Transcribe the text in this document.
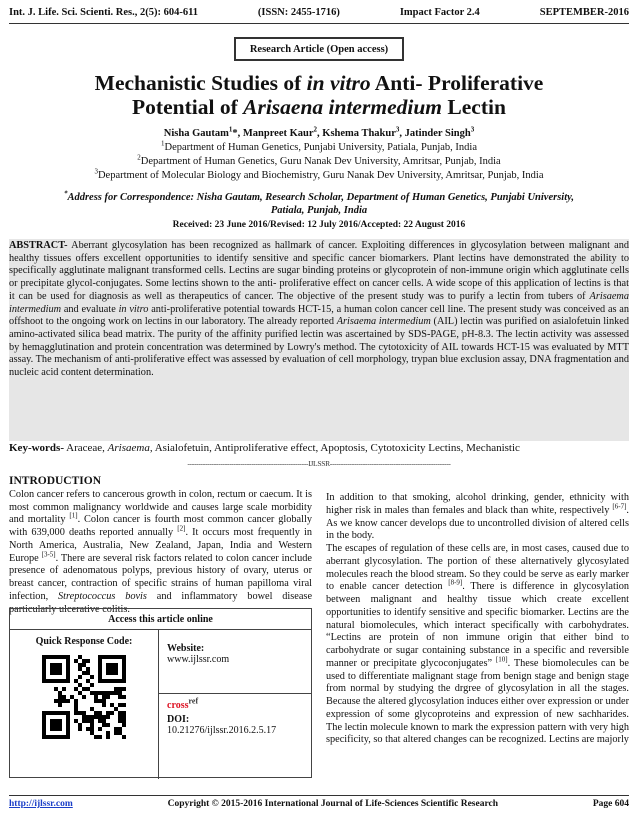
Int. J. Life. Sci. Scienti. Res., 2(5): 604-611	(ISSN: 2455-1716)	Impact Factor 2.4	SEPTEMBER-2016
Research Article (Open access)
Mechanistic Studies of in vitro Anti- Proliferative
Potential of Arisaena intermedium Lectin
Nisha Gautam$^1$*, Manpreet Kaur$^2$, Kshema Thakur$^3$, Jatinder Singh$^3$
$^1$Department of Human Genetics, Punjabi University, Patiala, Punjab, India
$^2$Department of Human Genetics, Guru Nanak Dev University, Amritsar, Punjab, India
$^3$Department of Molecular Biology and Biochemistry, Guru Nanak Dev University, Amritsar, Punjab, India
*Address for Correspondence: Nisha Gautam, Research Scholar, Department of Human Genetics, Punjabi University,
Patiala, Punjab, India
Received: 23 June 2016/Revised: 12 July 2016/Accepted: 22 August 2016
ABSTRACT- Aberrant glycosylation has been recognized as hallmark of cancer. Exploiting differences in glycosylation between malignant and healthy tissues offers excellent opportunities to identify sensitive and specific cancer biomarkers. Plant lectins have demonstrated the ability to specifically agglutinate malignant transformed cells. Lectins are sugar binding proteins or glycoprotein of non-immune origin which agglutinate cells or precipitate glycol-conjugates. Some lectins shown to the anti- proliferative effect on cancer cells. A wide scope of this application of lectins is that it can be used for diagnosis as well as therapeutics of cancer. The objective of the present study was to purify a lectin from tubers of Arisaema intermedium and evaluate in vitro anti-proliferative potential towards HCT-15, a human colon cancer cell line. The present study was conceived as an offshoot to the ongoing work on lectins in our laboratory. The already reported Arisaema intermedium (AIL) lectin was purified on asialofetuin linked amino-activated silica bead matrix. The purity of the affinity purified lectin was ascertained by SDS-PAGE, pH-8.3. The lectin activity was assessed by hemagglutination and protein concentration was determined by Lowry's method. The cytotoxicity of AIL towards HCT-15 was evaluated by MTT assay. The mechanism of anti-proliferative effect was assessed by evaluation of cell morphology, trypan blue exclusion assay, DNA fragmentation and nucleic acid content determination.
Key-words- Araceae, Arisaema, Asialofetuin, Antiproliferative effect, Apoptosis, Cytotoxicity Lectins, Mechanistic
-------------------------------------------------------IJLSSR-------------------------------------------------------
INTRODUCTION
Colon cancer refers to cancerous growth in colon, rectum or caecum. It is most common malignancy worldwide and causes large scale morbidity and mortality [1]. Colon cancer is fourth most common cancer globally with 639,000 deaths reported annually [2]. It occurs most frequently in North America, Australia, New Zealand, Japan, India and Western Europe [3-5]. There are several risk factors related to colon cancer include presence of adenomatous polyps, previous history of ovary, uterus or breast cancer, contraction of specific strains of human papilloma viral infection, Streptococcus bovis and inflammatory bowel disease particularly ulcerative colitis.
In addition to that smoking, alcohol drinking, gender, ethnicity with higher risk in males than females and black than white, respectively [6-7]. As we know cancer develops due to uncontrolled division of altered cells in the body.
The escapes of regulation of these cells are, in most cases, caused due to aberrant glycosylation. The portion of these alternatively glycosylated molecules reach the blood stream. So they could be serve as early marker to enable cancer detection [8-9]. There is difference in glycosylation between malignant and healthy tissue which create excellent opportunities to identify sensitive and specific biomarker. Lectins are the natural biomolecules, which interact specifically with carbohydrates. “Lectins are protein of non immune origin that either bind to carbohydrate or sugar containing substance in a specific and reversible manner or precipitate glycoconjugates” [10]. These biomolecules can be used to differentiate malignant stage from benign stage and benign stage from normal by studying the drgree of glycosylation in all the stages. Because the altered glycosylation induces either over expression or under expression of some glycoproteins and expression of new sachharides. The lectin molecule known to mark the expression pattern with very high specificity, so that altered changes can be recognized. Lectins are majorly
Access this article online
Quick Response Code:
Website:
www.ijlssr.com
cross$^{ref}$
DOI:
10.21276/ijlssr.2016.2.5.17
http://ijlssr.com	Copyright © 2015-2016 International Journal of Life-Sciences Scientific Research	Page 604
